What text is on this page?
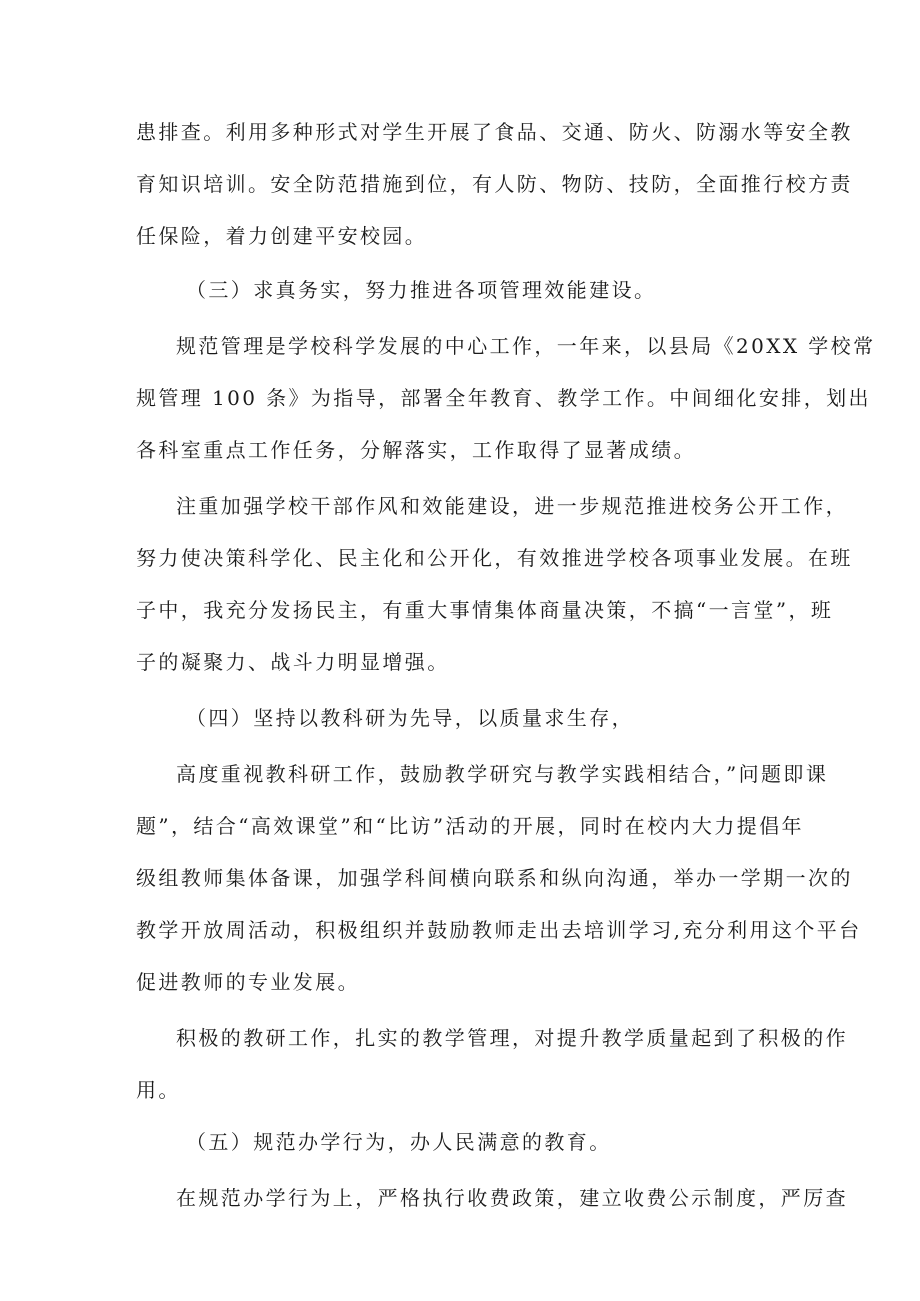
患排查。利用多种形式对学生开展了食品、交通、防火、防溺水等安全教
育知识培训。安全防范措施到位，有人防、物防、技防，全面推行校方责
任保险，着力创建平安校园。
（三）求真务实，努力推进各项管理效能建设。
规范管理是学校科学发展的中心工作，一年来，以县局《20XX 学校常
规管理 100 条》为指导，部署全年教育、教学工作。中间细化安排，划出
各科室重点工作任务，分解落实，工作取得了显著成绩。
注重加强学校干部作风和效能建设，进一步规范推进校务公开工作，
努力使决策科学化、民主化和公开化，有效推进学校各项事业发展。在班
子中，我充分发扬民主，有重大事情集体商量决策，不搞“一言堂”，班
子的凝聚力、战斗力明显增强。
（四）坚持以教科研为先导，以质量求生存，
高度重视教科研工作，鼓励教学研究与教学实践相结合，”问题即课
题”，结合“高效课堂”和“比访”活动的开展，同时在校内大力提倡年
级组教师集体备课，加强学科间横向联系和纵向沟通，举办一学期一次的
教学开放周活动，积极组织并鼓励教师走出去培训学习,充分利用这个平台
促进教师的专业发展。
积极的教研工作，扎实的教学管理，对提升教学质量起到了积极的作
用。
（五）规范办学行为，办人民满意的教育。
在规范办学行为上，严格执行收费政策，建立收费公示制度，严厉查
